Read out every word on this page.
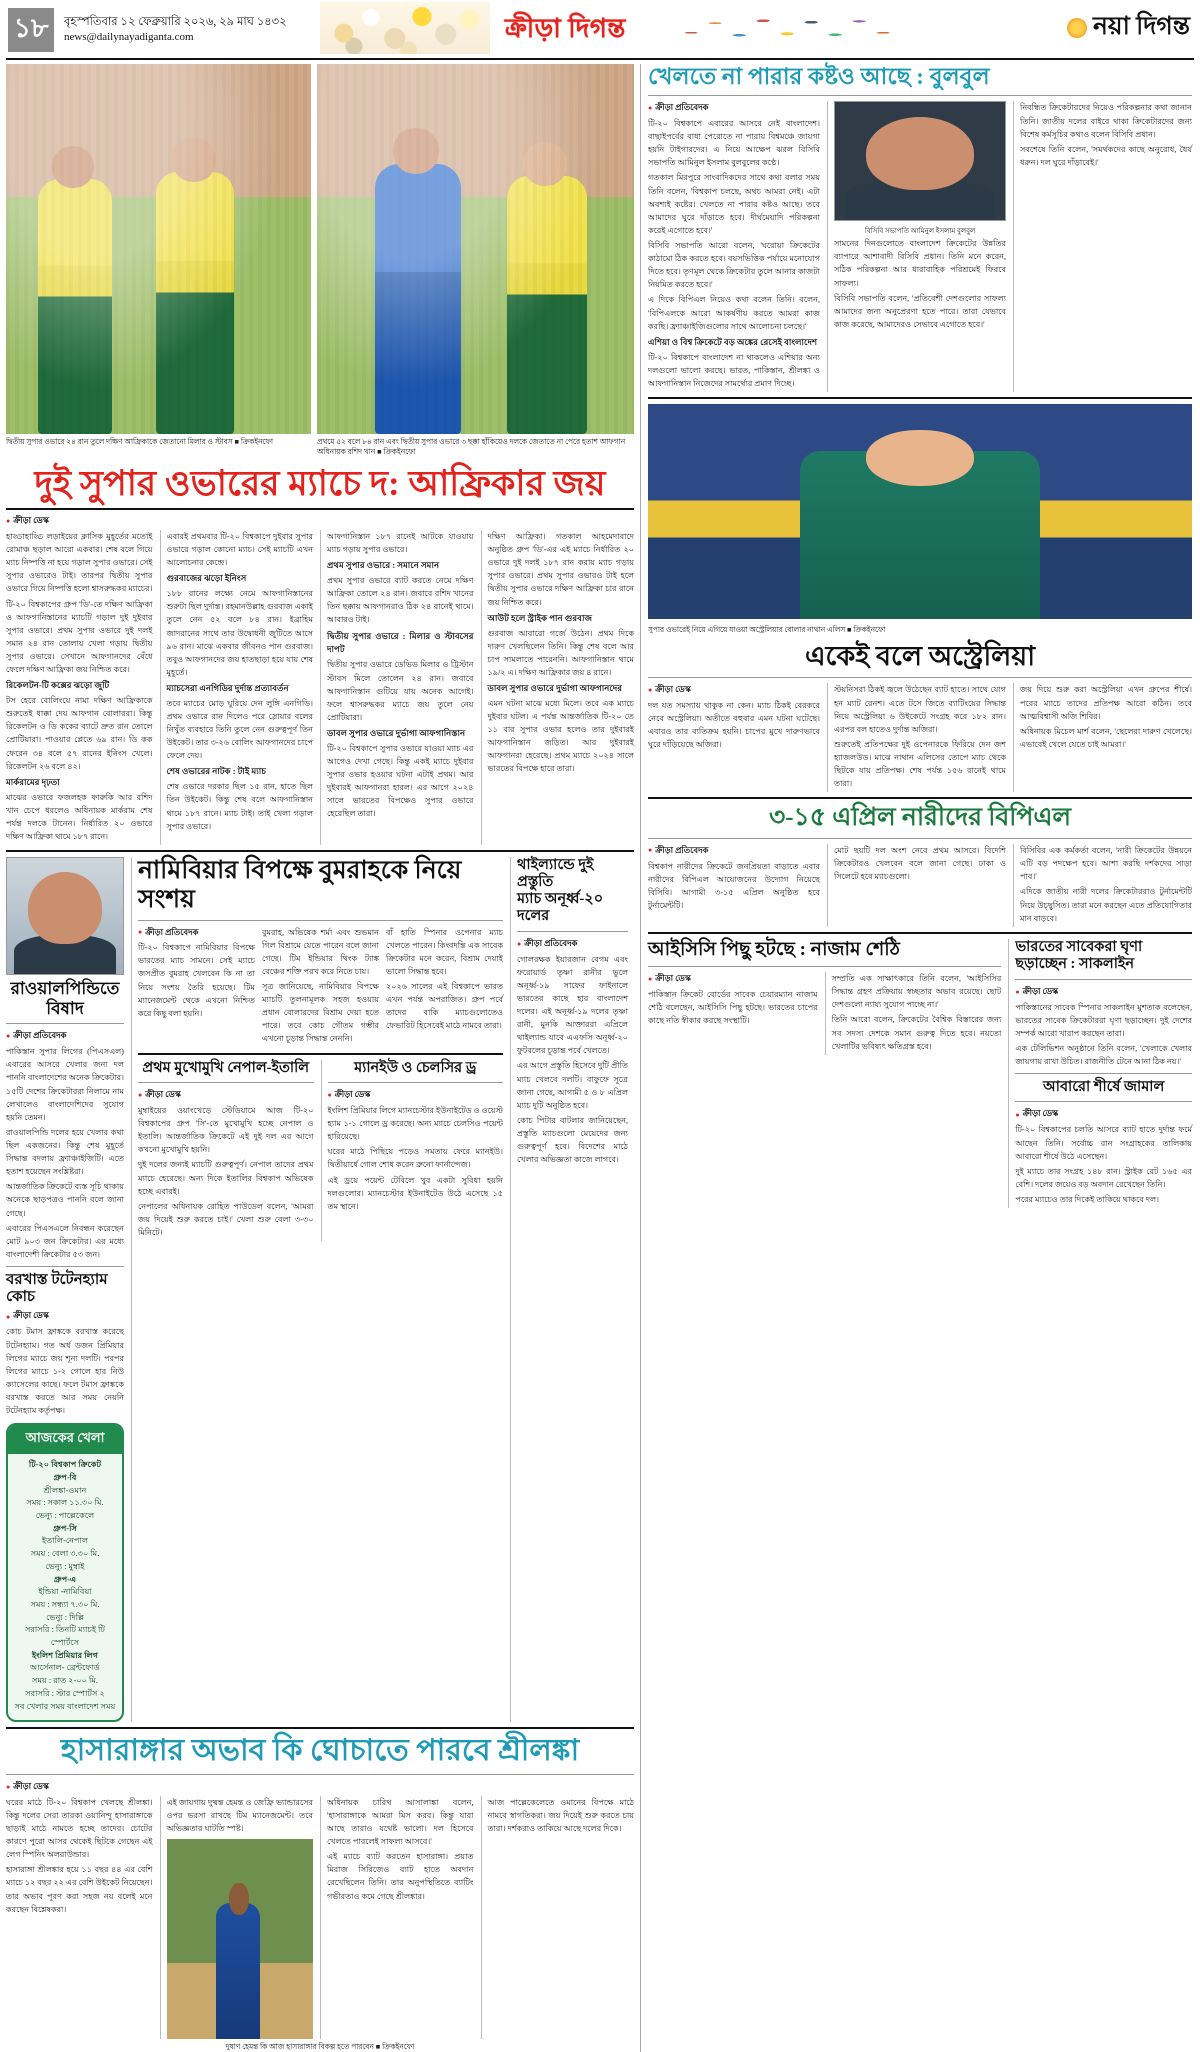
১৮	বৃহস্পতিবার ১২ ফেব্রুয়ারি ২০২৬, ২৯ মাঘ ১৪৩২
news@dailynayadiganta.com	ক্রীড়া দিগন্ত	নয়া দিগন্ত
দ্বিতীয় সুপার ওভারে ২৪ রান তুলে দক্ষিণ আফ্রিকাকে জেতানো মিলার ও স্টাবস ■ ক্রিকইনফো	প্রথমে ৫২ বলে ৮৪ রান এবং দ্বিতীয় সুপার ওভারে ৩ ছক্কা হাঁকিয়েও দলকে জেতাতে না পেরে হতাশ আফগান অধিনায়ক রশিদ খান ■ ক্রিকইনফো
দুই সুপার ওভারের ম্যাচে দ: আফ্রিকার জয়
● ক্রীড়া ডেস্ক

হাড্ডাহাড্ডি লড়াইয়ের ক্লাসিক মুহূর্তের মতোই রোমাঞ্চ ছড়াল আরো একবার। শেষ বলে গিয়ে ম্যাচ নিষ্পত্তি না হয়ে গড়াল সুপার ওভারে। সেই সুপার ওভারেও টাই। তারপর দ্বিতীয় সুপার ওভারে গিয়ে নিষ্পত্তি হলো শ্বাসরুদ্ধকর ম্যাচের।

টি-২০ বিশ্বকাপের গ্রুপ 'ডি'-তে দক্ষিণ আফ্রিকা ও আফগানিস্তানের ম্যাচটি গড়াল দুই দুইবার সুপার ওভারে। প্রথম সুপার ওভারে দুই দলই সমান ২৪ রান তোলায় খেলা গড়ায় দ্বিতীয় সুপার ওভারে। সেখানে আফগানদের বেঁধে ফেলে দক্ষিণ আফ্রিকা জয় নিশ্চিত করে।

রিকেলটন-টি কক্সের ঝড়ো জুটি

টস হেরে বোলিংয়ে নামা দক্ষিণ আফ্রিকাকে শুরুতেই ধাক্কা দেয় আফগান বোলাররা। কিন্তু রিকেলটন ও ডি ককের ব্যাটে দ্রুত রান তোলে প্রোটিয়ারা। পাওয়ার প্লেতে ৬৯ রান। ডি কক ফেরেন ৩৪ বলে ৫৭ রানের ইনিংস খেলে। রিকেলটন ২৬ বলে ৪২।

মার্করামের দৃঢ়তা

মাঝের ওভারে ফজলহক ফারুকি আর রশিদ খান চেপে ধরলেও অধিনায়ক মার্করাম শেষ পর্যন্ত দলকে টানেন। নির্ধারিত ২০ ওভারে দক্ষিণ আফ্রিকা থামে ১৮৭ রানে।

এবারই প্রথমবার টি-২০ বিশ্বকাপে দুইবার সুপার ওভারে গড়াল কোনো ম্যাচ। সেই ম্যাচটি এখন আলোচনার কেন্দ্রে।

গুরবাজের ঝড়ো ইনিংস

১৮৮ রানের লক্ষ্যে নেমে আফগানিস্তানের শুরুটা ছিল দুর্দান্ত। রহমানউল্লাহ গুরবাজ একাই তুলে নেন ৫২ বলে ৮৪ রান। ইব্রাহিম জাদরানের সাথে তার উদ্বোধনী জুটিতে আসে ৯৬ রান। মাঝে একবার জীবনও পান গুরবাজ। তবুও আফগানদের জয় হাতছাড়া হয়ে যায় শেষ মুহূর্তে।

ম্যাচসেরা এনগিডির দুর্দান্ত প্রত্যাবর্তন

তবে ম্যাচের মোড় ঘুরিয়ে দেন লুঙ্গি এনগিডি। প্রথম ওভারে রান দিলেও পরে স্লোয়ার বলের নিখুঁত ব্যবহারে তিনি তুলে নেন গুরুত্বপূর্ণ তিন উইকেট। তার ৩-২৬ বোলিং আফগানদের চাপে ফেলে দেয়।

শেষ ওভারের নাটক : টাই ম্যাচ

শেষ ওভারে দরকার ছিল ১৫ রান, হাতে ছিল তিন উইকেট। কিন্তু শেষ বলে আফগানিস্তান থামে ১৮৭ রানে। ম্যাচ টাই। তাই খেলা গড়াল সুপার ওভারে।

আফগানিস্তান ১৮৭ রানেই আটকে যাওয়ায় ম্যাচ গড়ায় সুপার ওভারে।

প্রথম সুপার ওভারে : সমানে সমান

প্রথম সুপার ওভারে ব্যাট করতে নেমে দক্ষিণ আফ্রিকা তোলে ২৪ রান। জবাবে রশিদ খানের তিন ছক্কায় আফগানরাও ঠিক ২৪ রানেই থামে। আবারও টাই।

দ্বিতীয় সুপার ওভারে : মিলার ও স্টাবসের দাপট

দ্বিতীয় সুপার ওভারে ডেভিড মিলার ও ট্রিস্টান স্টাবস মিলে তোলেন ২৪ রান। জবাবে আফগানিস্তান গুটিয়ে যায় অনেক আগেই। ফলে শ্বাসরুদ্ধকর ম্যাচে জয় তুলে নেয় প্রোটিয়ারা।

ডাবল সুপার ওভারে দুর্ভাগা আফগানিস্তান

টি-২০ বিশ্বকাপে সুপার ওভারে যাওয়া ম্যাচ এর আগেও দেখা গেছে। কিন্তু একই ম্যাচে দুইবার সুপার ওভার হওয়ার ঘটনা এটাই প্রথম। আর দুইবারই আফগানরা হারল। এর আগে ২০২৪ সালে ভারতের বিপক্ষেও সুপার ওভারে হেরেছিল তারা।

দক্ষিণ আফ্রিকা। গতকাল আহমেদাবাদে অনুষ্ঠিত গ্রুপ 'ডি'-এর এই ম্যাচে নির্ধারিত ২০ ওভারে দুই দলই ১৮৭ রান করায় ম্যাচ গড়ায় সুপার ওভারে। প্রথম সুপার ওভারও টাই হলে দ্বিতীয় সুপার ওভারে দক্ষিণ আফ্রিকা চার রানে জয় নিশ্চিত করে।

আউট হলে স্ট্রাইক পান গুরবাজ

গুরবাজ আবারো গর্জে উঠেন। প্রথম দিকে দারুণ খেলছিলেন তিনি। কিন্তু শেষ বলে আর চাপ সামলাতে পারেননি। আফগানিস্তান থামে ১৯/২ এ। দক্ষিণ আফ্রিকার জয় ৪ রানে।

ডাবল সুপার ওভারে দুর্ভাগা আফগানদের

এমন ঘটনা মাঝে মধ্যে মিলে। তবে এক ম্যাচে দুইবার ঘটল। এ পর্যন্ত আন্তর্জাতিক টি-২০ তে ১১ বার সুপার ওভার হলেও তার দুইবারই আফগানিস্তান জড়িত। আর দুইবারই আফগানরা হেরেছে। প্রথম ম্যাচে ২০২৪ সালে ভারতের বিপক্ষে হারে তারা।

রাওয়ালপিন্ডিতে
বিষাদ
● ক্রীড়া প্রতিবেদক

পাকিস্তান সুপার লিগের (পিএসএল) এবারের আসরে খেলার জন্য দল পাননি বাংলাদেশের অনেক ক্রিকেটার। ১৫টি দেশের ক্রিকেটাররা নিলামে নাম লেখালেও বাংলাদেশিদের সুযোগ হয়নি তেমন।

রাওয়ালপিন্ডি দলের হয়ে খেলার কথা ছিল একজনের। কিন্তু শেষ মুহূর্তে সিদ্ধান্ত বদলায় ফ্র্যাঞ্চাইজিটি। এতে হতাশ হয়েছেন সংশ্লিষ্টরা।

আন্তর্জাতিক ক্রিকেটে ব্যস্ত সূচি থাকায় অনেকে ছাড়পত্রও পাননি বলে জানা গেছে।

এবারের পিএসএলে নিবন্ধন করেছেন মোট ৯০৩ জন ক্রিকেটার। এর মধ্যে বাংলাদেশী ক্রিকেটার ৫৩ জন।

বরখাস্ত টটেনহ্যাম কোচ
● ক্রীড়া ডেস্ক

কোচ টমাস ফ্রাঙ্ককে বরখাস্ত করেছে টটেনহ্যাম। গত অর্ধ ডজন প্রিমিয়ার লিগের ম্যাচে জয় শূন্য দলটি। পরপর লিগের ম্যাচে ১-২ গোলে হার নিউ ক্যাসেলের কাছে। ফলে টমাস ফ্রাঙ্ককে বরখাস্ত করতে আর সময় নেয়নি টটেনহ্যাম কর্তৃপক্ষ।

আজকের খেলা
টি-২০ বিশ্বকাপ ক্রিকেট
গ্রুপ-বি
শ্রীলঙ্কা-ওমান
সময় : সকাল ১১.৩০ মি.
ভেন্যু : পাল্লেকেলে
গ্রুপ-সি
ইতালি-নেপাল
সময় : বেলা ৩.৩০ মি.
ভেন্যু : মুম্বাই
গ্রুপ-এ
ইন্ডিয়া -নামিবিয়া
সময় : সন্ধ্যা ৭.৩০ মি.
ভেন্যু : দিল্লি
সরাসরি : তিনটি ম্যাচই টি স্পোর্টসে
ইংলিশ প্রিমিয়ার লিগ
আর্সেনাল- ব্রেন্টফোর্ড
সময় : রাত ২-০০ মি.
সরাসরি : স্টার স্পোর্টস ২
সব খেলার সময় বাংলাদেশ সময়
নামিবিয়ার বিপক্ষে বুমরাহকে নিয়ে সংশয়
● ক্রীড়া প্রতিবেদক

টি-২০ বিশ্বকাপে নামিবিয়ার বিপক্ষে ভারতের ম্যাচ সামনে। সেই ম্যাচে জসপ্রীত বুমরাহ খেলবেন কি না তা নিয়ে সংশয় তৈরি হয়েছে। টিম ম্যানেজমেন্ট থেকে এখনো নিশ্চিত করে কিছু বলা হয়নি।

বুমরাহ, অভিষেক শর্মা এবং শুভমান গিল বিশ্রামে যেতে পারেন বলে জানা গেছে। টিম ইন্ডিয়ার থিংক ট্যাঙ্ক বেঞ্চের শক্তি পরখ করে নিতে চায়।

সূত্র জানিয়েছে, নামিবিয়ার বিপক্ষে ম্যাচটি তুলনামূলক সহজ হওয়ায় প্রধান বোলারদের বিশ্রাম দেয়া হতে পারে। তবে কোচ গৌতম গম্ভীর এখনো চূড়ান্ত সিদ্ধান্ত নেননি।

বাঁ হাতি স্পিনার ওপেনার ম্যাচ খেলতে পারেন। কিংবদন্তি এক সাবেক ক্রিকেটার মনে করেন, বিশ্রাম দেয়াই ভালো সিদ্ধান্ত হবে।

২০২৬ সালের এই বিশ্বকাপে ভারত এখন পর্যন্ত অপরাজিত। গ্রুপ পর্বে তাদের বাকি ম্যাচগুলোতেও ফেভারিট হিসেবেই মাঠে নামবে তারা।

প্রথম মুখোমুখি নেপাল-ইতালি
● ক্রীড়া ডেস্ক

মুম্বাইয়ের ওয়াংখেড়ে স্টেডিয়ামে আজ টি-২০ বিশ্বকাপের গ্রুপ 'সি'-তে মুখোমুখি হচ্ছে নেপাল ও ইতালি। আন্তর্জাতিক ক্রিকেটে এই দুই দল এর আগে কখনো মুখোমুখি হয়নি।

দুই দলের জন্যই ম্যাচটি গুরুত্বপূর্ণ। নেপাল তাদের প্রথম ম্যাচে হেরেছে। অন্য দিকে ইতালির বিশ্বকাপ অভিষেক হচ্ছে এবারই।

নেপালের অধিনায়ক রোহিত পাউডেল বলেন, 'আমরা জয় দিয়েই শুরু করতে চাই।' খেলা শুরু বেলা ৩-৩০ মিনিটে।

ম্যানইউ ও চেলসির ড্র
● ক্রীড়া ডেস্ক

ইংলিশ প্রিমিয়ার লিগে ম্যানচেস্টার ইউনাইটেড ও ওয়েস্ট হ্যাম ১-১ গোলে ড্র করেছে। অন্য ম্যাচে চেলসিও পয়েন্ট হারিয়েছে।

ঘরের মাঠে পিছিয়ে পড়েও সমতায় ফেরে ম্যানইউ। দ্বিতীয়ার্ধে গোল শোধ করেন ব্রুনো ফার্নান্দেজ।

এই ড্রয়ে পয়েন্ট টেবিলে খুব একটা সুবিধা হয়নি দলগুলোর। ম্যানচেস্টার ইউনাইটেড উঠে এসেছে ১৫ তম স্থানে।

থাইল্যান্ডে দুই প্রস্তুতি
ম্যাচ অনূর্ধ্ব-২০ দলের
● ক্রীড়া প্রতিবেদক

গোলরক্ষক ইয়ারজান বেগম এবং ফরোয়ার্ড তৃষ্ণা রানীর ভুলে অনূর্ধ্ব-১৯ সাফের ফাইনালে ভারতের কাছে হার বাংলাদেশ দলের। এই অনূর্ধ্ব-১৯ দলের তৃষ্ণা রানী, মুনকি আক্তাররা এপ্রিলে থাইল্যান্ড যাবে এএফসি অনূর্ধ্ব-২০ ফুটবলের চূড়ান্ত পর্বে খেলতে।

এর আগে প্রস্তুতি হিসেবে দুটি প্রীতি ম্যাচ খেলবে দলটি। বাফুফে সূত্রে জানা গেছে, আগামী ৫ ও ৮ এপ্রিল ম্যাচ দুটি অনুষ্ঠিত হবে।

কোচ পিটার বাটলার জানিয়েছেন, প্রস্তুতি ম্যাচগুলো মেয়েদের জন্য গুরুত্বপূর্ণ হবে। বিদেশের মাঠে খেলার অভিজ্ঞতা কাজে লাগবে।

হাসারাঙ্গার অভাব কি ঘোচাতে পারবে শ্রীলঙ্কা
● ক্রীড়া ডেস্ক

ঘরের মাঠে টি-২০ বিশ্বকাপ খেলছে শ্রীলঙ্কা। কিন্তু দলের সেরা তারকা ওয়ানিন্দু হাসারাঙ্গাকে ছাড়াই মাঠে নামতে হচ্ছে তাদের। চোটের কারণে পুরো আসর থেকেই ছিটকে গেছেন এই লেগ স্পিনিং অলরাউন্ডার।

হাসারাঙ্গা শ্রীলঙ্কার হয়ে ১১ বছর ৪৪ এর বেশি ম্যাচে ১২ বছর ২২ এর বেশি উইকেট নিয়েছেন। তার অভাব পূরণ করা সহজ নয় বলেই মনে করছেন বিশ্লেষকরা।

এই জায়গায় দুষ্মন্ত হেমন্ত ও জেফ্রি ভ্যান্ডারসের ওপর ভরসা রাখছে টিম ম্যানেজমেন্ট। তবে অভিজ্ঞতার ঘাটতি স্পষ্ট।

অধিনায়ক চারিথ আসালাঙ্কা বলেন, 'হাসারাঙ্গাকে আমরা মিস করব। কিন্তু যারা আছে তারাও যথেষ্ট ভালো। দল হিসেবে খেলতে পারলেই সাফল্য আসবে।'

এই ম্যাচে ব্যাট করতেন হাসারাঙ্গা। প্রয়াত মিরাজ সিরিজেও ব্যাট হাতে অবদান রেখেছিলেন তিনি। তার অনুপস্থিতিতে ব্যাটিং গভীরতাও কমে গেছে শ্রীলঙ্কার।

আজ পাল্লেকেলেতে ওমানের বিপক্ষে মাঠে নামবে স্বাগতিকরা। জয় দিয়েই শুরু করতে চায় তারা। দর্শকরাও তাকিয়ে আছে দলের দিকে।

দুষাণ হেমন্ত কি আজ হাসারাঙ্গার বিকল্প হতে পারবেন ■ ক্রিকইনফো
খেলতে না পারার কষ্টও আছে : বুলবুল
● ক্রীড়া প্রতিবেদক

টি-২০ বিশ্বকাপে এবারের আসরে নেই বাংলাদেশ। বাছাইপর্বের বাধা পেরোতে না পারায় বিশ্বমঞ্চে জায়গা হয়নি টাইগারদের। এ নিয়ে আক্ষেপ ঝরল বিসিবি সভাপতি আমিনুল ইসলাম বুলবুলের কণ্ঠে।

গতকাল মিরপুরে সাংবাদিকদের সাথে কথা বলার সময় তিনি বলেন, 'বিশ্বকাপ চলছে, অথচ আমরা নেই। এটা অবশ্যই কষ্টের। খেলতে না পারার কষ্টও আছে। তবে আমাদের ঘুরে দাঁড়াতে হবে। দীর্ঘমেয়াদি পরিকল্পনা করেই এগোতে হবে।'

বিসিবি সভাপতি আরো বলেন, 'ঘরোয়া ক্রিকেটের কাঠামো ঠিক করতে হবে। বয়সভিত্তিক পর্যায়ে মনোযোগ দিতে হবে। তৃণমূল থেকে ক্রিকেটার তুলে আনার কাজটা নিয়মিত করতে হবে।'

এ দিকে বিপিএল নিয়েও কথা বলেন তিনি। বলেন, 'বিপিএলকে আরো আকর্ষণীয় করতে আমরা কাজ করছি। ফ্র্যাঞ্চাইজিগুলোর সাথে আলোচনা চলছে।'

এশিয়া ও বিশ্ব ক্রিকেটে বড় অঙ্কের রেসেই বাংলাদেশ

টি-২০ বিশ্বকাপে বাংলাদেশ না থাকলেও এশিয়ার অন্য দলগুলো ভালো করছে। ভারত, পাকিস্তান, শ্রীলঙ্কা ও আফগানিস্তান নিজেদের সামর্থ্যের প্রমাণ দিচ্ছে।

বিসিবি সভাপতি আমিনুল ইসলাম বুলবুল

সামনের দিনগুলোতে বাংলাদেশ ক্রিকেটের উন্নতির ব্যাপারে আশাবাদী বিসিবি প্রধান। তিনি মনে করেন, সঠিক পরিকল্পনা আর ধারাবাহিক পরিশ্রমেই ফিরবে সাফল্য।

বিসিবি সভাপতি বলেন, 'প্রতিবেশী দেশগুলোর সাফল্য আমাদের জন্য অনুপ্রেরণা হতে পারে। তারা যেভাবে কাজ করেছে, আমাদেরও সেভাবে এগোতে হবে।'

নিবন্ধিত ক্রিকেটারদের নিয়েও পরিকল্পনার কথা জানান তিনি। জাতীয় দলের বাইরে থাকা ক্রিকেটারদের জন্য বিশেষ কর্মসূচির কথাও বলেন বিসিবি প্রধান।

সবশেষে তিনি বলেন, 'সমর্থকদের কাছে অনুরোধ, ধৈর্য ধরুন। দল ঘুরে দাঁড়াবেই।'

সুপার ওভারেই নিয়ে এগিয়ে যাওয়া অস্ট্রেলিয়ার বোলার নাথান এলিস ■ ক্রিকইনফো
একেই বলে অস্ট্রেলিয়া
● ক্রীড়া ডেস্ক

দল যত সমস্যায় থাকুক না কেন। ম্যাচ ঠিকই বেরকরে নেবে অস্ট্রেলিয়া। অতীতে বহুবার এমন ঘটনা ঘটেছে। এবারও তার ব্যতিক্রম হয়নি। চাপের মুখে দারুণভাবে ঘুরে দাঁড়িয়েছে অজিরা।

স্টয়নিসরা ঠিকই জ্বলে উঠেছেন ব্যাট হাতে। সাথে যোগ হন ম্যাট রেনশ। এতে টসে জিতে ব্যাটিংয়ের সিদ্ধান্ত নিয়ে অস্ট্রেলিয়া ৬ উইকেটে সংগ্রহ করে ১৮২ রান। এরপর বল হাতেও দুর্দান্ত অজিরা।

শুরুতেই প্রতিপক্ষের দুই ওপেনারকে ফিরিয়ে দেন জশ হ্যাজলউড। মাঝে নাথান এলিসের তোপে ম্যাচ থেকে ছিটকে যায় প্রতিপক্ষ। শেষ পর্যন্ত ১৫৬ রানেই থামে তারা।

জয় দিয়ে শুরু করা অস্ট্রেলিয়া এখন গ্রুপের শীর্ষে। পরের ম্যাচে তাদের প্রতিপক্ষ আরো কঠিন। তবে আত্মবিশ্বাসী অজি শিবির।

অধিনায়ক মিচেল মার্শ বলেন, 'ছেলেরা দারুণ খেলেছে। এভাবেই খেলে যেতে চাই আমরা।'

৩-১৫ এপ্রিল নারীদের বিপিএল
● ক্রীড়া প্রতিবেদক

বিশ্বকাপ নারীদের ক্রিকেটে জনপ্রিয়তা বাড়াতে এবার নারীদের বিপিএল আয়োজনের উদ্যোগ নিয়েছে বিসিবি। আগামী ৩-১৫ এপ্রিল অনুষ্ঠিত হবে টুর্নামেন্টটি।

মোট ছয়টি দল অংশ নেবে প্রথম আসরে। বিদেশি ক্রিকেটারও খেলবেন বলে জানা গেছে। ঢাকা ও সিলেটে হবে ম্যাচগুলো।

বিসিবির এক কর্মকর্তা বলেন, 'নারী ক্রিকেটের উন্নয়নে এটি বড় পদক্ষেপ হবে। আশা করছি দর্শকদের সাড়া পাব।'

এদিকে জাতীয় নারী দলের ক্রিকেটাররাও টুর্নামেন্টটি নিয়ে উচ্ছ্বসিত। তারা মনে করছেন এতে প্রতিযোগিতার মান বাড়বে।

আইসিসি পিছু হটছে : নাজাম শেঠি
● ক্রীড়া ডেস্ক

পাকিস্তান ক্রিকেট বোর্ডের সাবেক চেয়ারম্যান নাজাম শেঠি বলেছেন, আইসিসি পিছু হটছে। ভারতের চাপের কাছে নতি স্বীকার করছে সংস্থাটি।

সম্প্রতি এক সাক্ষাৎকারে তিনি বলেন, 'আইসিসির সিদ্ধান্ত গ্রহণ প্রক্রিয়ায় স্বচ্ছতার অভাব রয়েছে। ছোট দেশগুলো ন্যায্য সুযোগ পাচ্ছে না।'

তিনি আরো বলেন, ক্রিকেটের বৈশ্বিক বিস্তারের জন্য সব সদস্য দেশকে সমান গুরুত্ব দিতে হবে। নয়তো খেলাটির ভবিষ্যৎ ক্ষতিগ্রস্ত হবে।

ভারতের সাবেকরা ঘৃণা
ছড়াচ্ছেন : সাকলাইন
● ক্রীড়া ডেস্ক

পাকিস্তানের সাবেক স্পিনার সাকলাইন মুশতাক বলেছেন, ভারতের সাবেক ক্রিকেটাররা ঘৃণা ছড়াচ্ছেন। দুই দেশের সম্পর্ক আরো খারাপ করছেন তারা।

এক টেলিভিশন অনুষ্ঠানে তিনি বলেন, 'খেলাকে খেলার জায়গায় রাখা উচিত। রাজনীতি টেনে আনা ঠিক নয়।'

আবারো শীর্ষে জামাল
● ক্রীড়া ডেস্ক

টি-২০ বিশ্বকাপের চলতি আসরে ব্যাট হাতে দুর্দান্ত ফর্মে আছেন তিনি। সর্বোচ্চ রান সংগ্রাহকের তালিকায় আবারো শীর্ষে উঠে এসেছেন।

দুই ম্যাচে তার সংগ্রহ ১৪৮ রান। স্ট্রাইক রেট ১৬৫ এর বেশি। দলের জয়েও বড় অবদান রেখেছেন তিনি।

পরের ম্যাচেও তার দিকেই তাকিয়ে থাকবে দল।
